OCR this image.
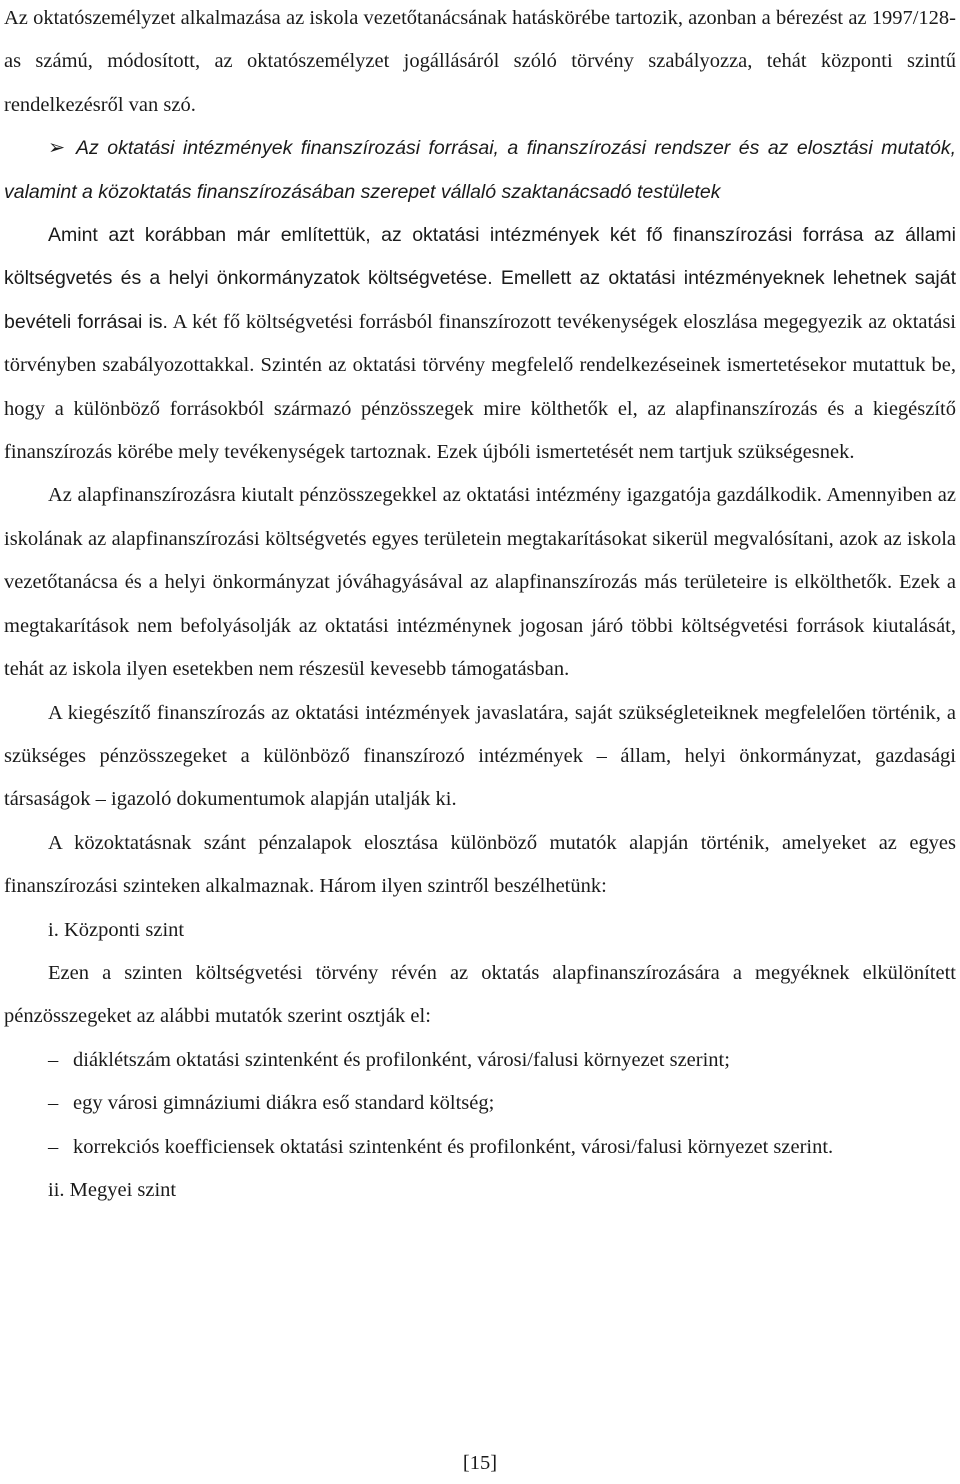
Az oktatószemélyzet alkalmazása az iskola vezetőtanácsának hatáskörébe tartozik, azonban a bérezést az 1997/128-as számú, módosított, az oktatószemélyzet jogállásáról szóló törvény szabályozza, tehát központi szintű rendelkezésről van szó.

➢ Az oktatási intézmények finanszírozási forrásai, a finanszírozási rendszer és az elosztási mutatók, valamint a közoktatás finanszírozásában szerepet vállaló szaktanácsadó testületek

Amint azt korábban már említettük, az oktatási intézmények két fő finanszírozási forrása az állami költségvetés és a helyi önkormányzatok költségvetése. Emellett az oktatási intézményeknek lehetnek saját bevételi forrásai is. A két fő költségvetési forrásból finanszírozott tevékenységek eloszlása megegyezik az oktatási törvényben szabályozottakkal. Szintén az oktatási törvény megfelelő rendelkezéseinek ismertetésekor mutattuk be, hogy a különböző forrásokból származó pénzösszegek mire költhetők el, az alapfinanszírozás és a kiegészítő finanszírozás körébe mely tevékenységek tartoznak. Ezek újbóli ismertetését nem tartjuk szükségesnek.

Az alapfinanszírozásra kiutalt pénzösszegekkel az oktatási intézmény igazgatója gazdálkodik. Amennyiben az iskolának az alapfinanszírozási költségvetés egyes területein megtakarításokat sikerül megvalósítani, azok az iskola vezetőtanácsa és a helyi önkormányzat jóváhagyásával az alapfinanszírozás más területeire is elkölthetők. Ezek a megtakarítások nem befolyásolják az oktatási intézménynek jogosan járó többi költségvetési források kiutalását, tehát az iskola ilyen esetekben nem részesül kevesebb támogatásban.

A kiegészítő finanszírozás az oktatási intézmények javaslatára, saját szükségleteiknek megfelelően történik, a szükséges pénzösszegeket a különböző finanszírozó intézmények – állam, helyi önkormányzat, gazdasági társaságok – igazoló dokumentumok alapján utalják ki.

A közoktatásnak szánt pénzalapok elosztása különböző mutatók alapján történik, amelyeket az egyes finanszírozási szinteken alkalmaznak. Három ilyen szintről beszélhetünk:

i. Központi szint

Ezen a szinten költségvetési törvény révén az oktatás alapfinanszírozására a megyéknek elkülönített pénzösszegeket az alábbi mutatók szerint osztják el:

– diáklétszám oktatási szintenként és profilonként, városi/falusi környezet szerint;

– egy városi gimnáziumi diákra eső standard költség;

– korrekciós koefficiensek oktatási szintenként és profilonként, városi/falusi környezet szerint.

ii. Megyei szint

[15]
